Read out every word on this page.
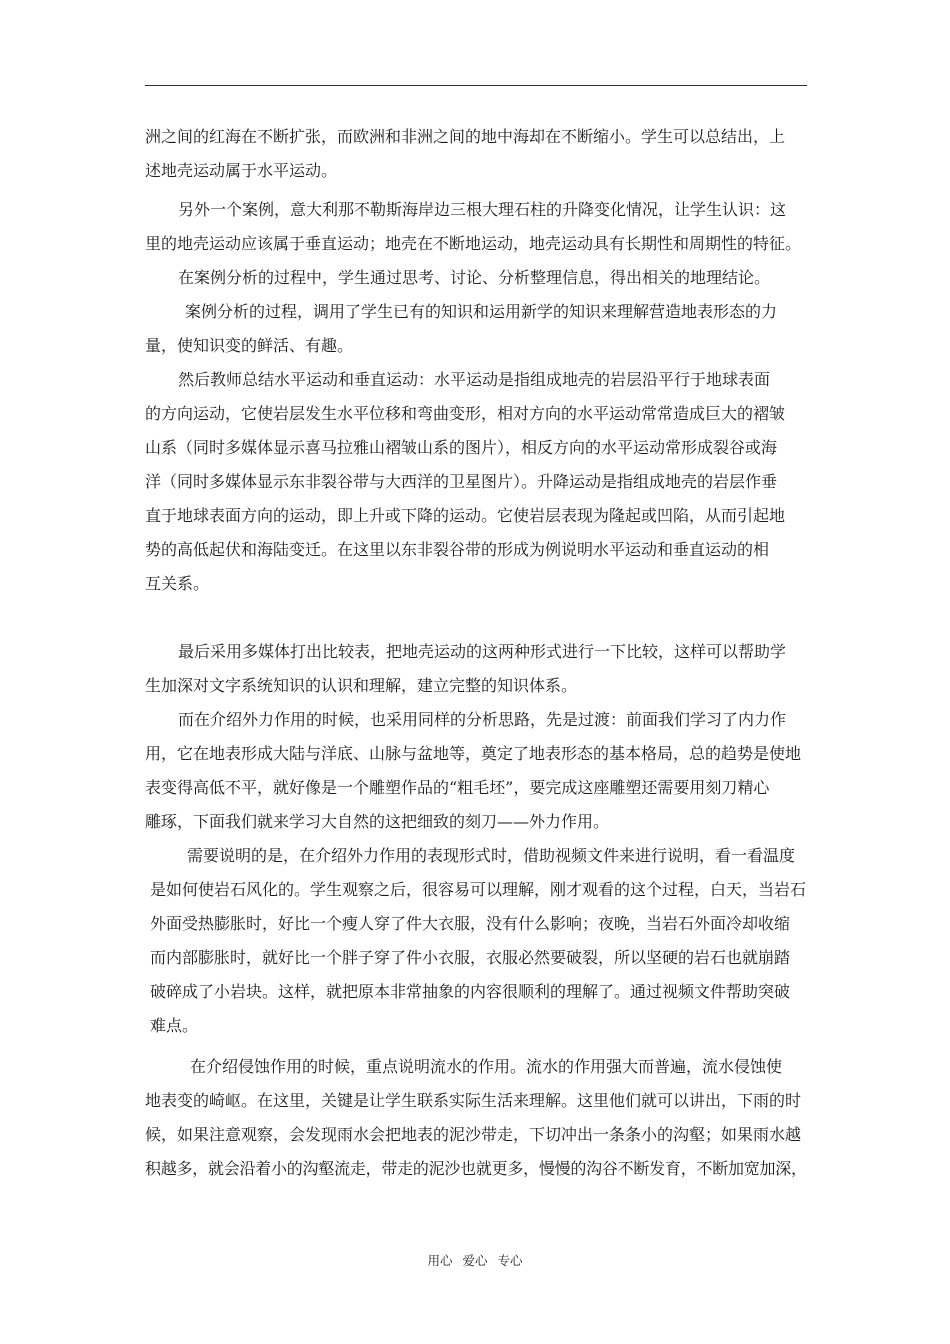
洲之间的红海在不断扩张，而欧洲和非洲之间的地中海却在不断缩小。学生可以总结出，上
述地壳运动属于水平运动。
另外一个案例，意大利那不勒斯海岸边三根大理石柱的升降变化情况，让学生认识：这
里的地壳运动应该属于垂直运动；地壳在不断地运动，地壳运动具有长期性和周期性的特征。
在案例分析的过程中，学生通过思考、讨论、分析整理信息，得出相关的地理结论。
案例分析的过程，调用了学生已有的知识和运用新学的知识来理解营造地表形态的力
量，使知识变的鲜活、有趣。
然后教师总结水平运动和垂直运动：水平运动是指组成地壳的岩层沿平行于地球表面
的方向运动，它使岩层发生水平位移和弯曲变形，相对方向的水平运动常常造成巨大的褶皱
山系（同时多媒体显示喜马拉雅山褶皱山系的图片），相反方向的水平运动常形成裂谷或海
洋（同时多媒体显示东非裂谷带与大西洋的卫星图片）。升降运动是指组成地壳的岩层作垂
直于地球表面方向的运动，即上升或下降的运动。它使岩层表现为隆起或凹陷，从而引起地
势的高低起伏和海陆变迁。在这里以东非裂谷带的形成为例说明水平运动和垂直运动的相
互关系。
最后采用多媒体打出比较表，把地壳运动的这两种形式进行一下比较，这样可以帮助学
生加深对文字系统知识的认识和理解，建立完整的知识体系。
而在介绍外力作用的时候，也采用同样的分析思路，先是过渡：前面我们学习了内力作
用，它在地表形成大陆与洋底、山脉与盆地等，奠定了地表形态的基本格局，总的趋势是使地
表变得高低不平，就好像是一个雕塑作品的“粗毛坯”，要完成这座雕塑还需要用刻刀精心
雕琢，下面我们就来学习大自然的这把细致的刻刀——外力作用。
需要说明的是，在介绍外力作用的表现形式时，借助视频文件来进行说明，看一看温度
是如何使岩石风化的。学生观察之后，很容易可以理解，刚才观看的这个过程，白天，当岩石
外面受热膨胀时，好比一个瘦人穿了件大衣服，没有什么影响；夜晚，当岩石外面冷却收缩
而内部膨胀时，就好比一个胖子穿了件小衣服，衣服必然要破裂，所以坚硬的岩石也就崩踏
破碎成了小岩块。这样，就把原本非常抽象的内容很顺利的理解了。通过视频文件帮助突破
难点。
在介绍侵蚀作用的时候，重点说明流水的作用。流水的作用强大而普遍，流水侵蚀使
地表变的崎岖。在这里，关键是让学生联系实际生活来理解。这里他们就可以讲出，下雨的时
候，如果注意观察，会发现雨水会把地表的泥沙带走，下切冲出一条条小的沟壑；如果雨水越
积越多，就会沿着小的沟壑流走，带走的泥沙也就更多，慢慢的沟谷不断发育，不断加宽加深，
用心 爱心 专心
